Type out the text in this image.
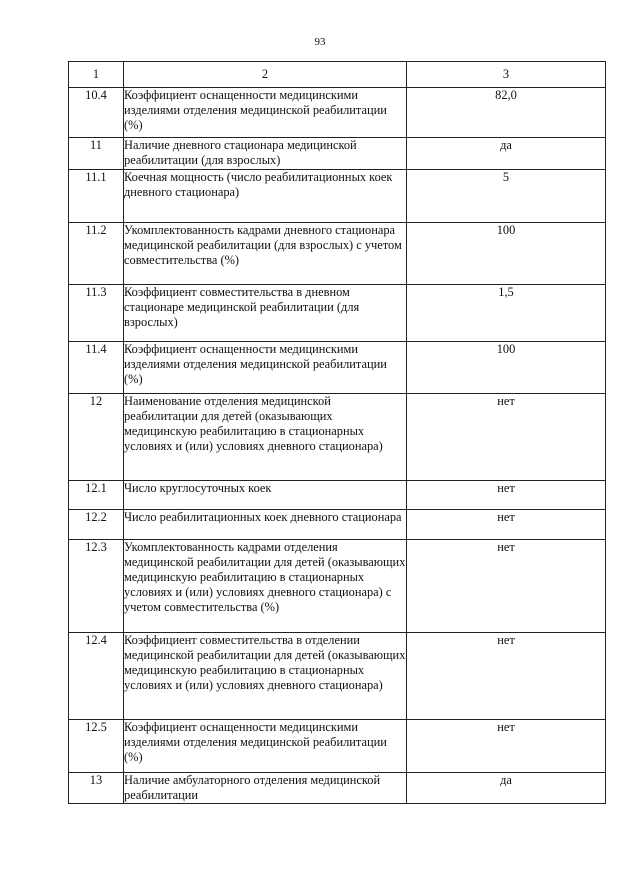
93
1	2	3
10.4	Коэффициент оснащенности медицинскими изделиями отделения медицинской реабилитации (%)	82,0
11	Наличие дневного стационара медицинской реабилитации (для взрослых)	да
11.1	Коечная мощность (число реабилитационных коек дневного стационара)	5
11.2	Укомплектованность кадрами дневного стационара медицинской реабилитации (для взрослых) с учетом совместительства (%)	100
11.3	Коэффициент совместительства в дневном стационаре медицинской реабилитации (для взрослых)	1,5
11.4	Коэффициент оснащенности медицинскими изделиями отделения медицинской реабилитации (%)	100
12	Наименование отделения медицинской реабилитации для детей (оказывающих медицинскую реабилитацию в стационарных условиях и (или) условиях дневного стационара)	нет
12.1	Число круглосуточных коек	нет
12.2	Число реабилитационных коек дневного стационара	нет
12.3	Укомплектованность кадрами отделения медицинской реабилитации для детей (оказывающих медицинскую реабилитацию в стационарных условиях и (или) условиях дневного стационара) с учетом совместительства (%)	нет
12.4	Коэффициент совместительства в отделении медицинской реабилитации для детей (оказывающих медицинскую реабилитацию в стационарных условиях и (или) условиях дневного стационара)	нет
12.5	Коэффициент оснащенности медицинскими изделиями отделения медицинской реабилитации (%)	нет
13	Наличие амбулаторного отделения медицинской реабилитации	да
